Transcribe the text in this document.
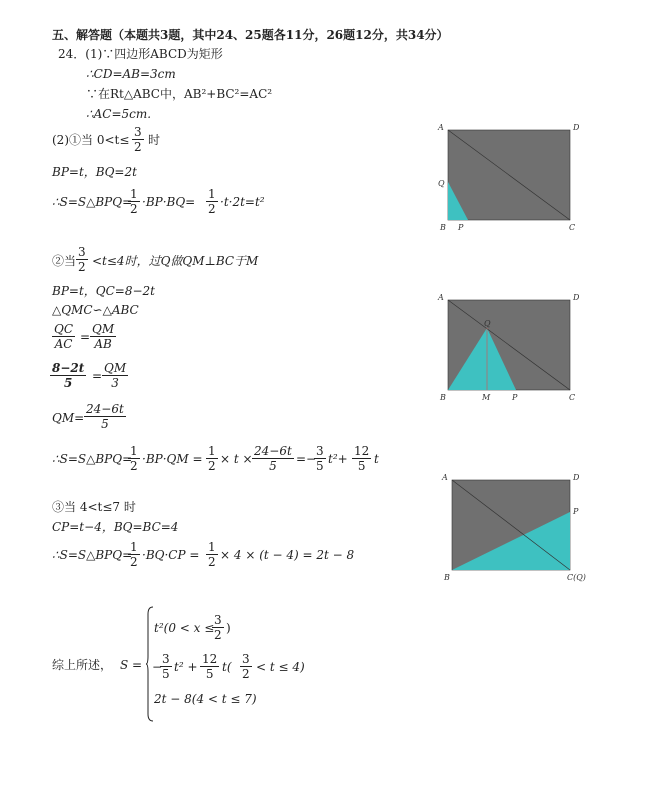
五、解答题（本题共3题，其中24、25题各11分，26题12分，共34分）
24．(1)∵四边形ABCD为矩形
∴CD=AB=3cm
∵在Rt△ABC中，AB²+BC²=AC²
∴AC=5cm.
(2)①当 $0<t\le \frac{3}{2}$ 时
BP=t，BQ=2t
∴S=S△BPQ=
$\frac{1}{2} \cdot BP\cdot BQ= \frac{1}{2} \cdot t\cdot 2t=t^2$
A	D
Q
B P	C
②当 $\frac{3}{2} <t\le 4$时，过Q做QM⊥BC于M
BP=t，QC=8−2t
△QMC∽△ABC
$\frac{QC}{AC} = \frac{QM}{AB}$
$\frac{8-2t}{5} = \frac{QM}{3}$
$QM= \frac{24-6t}{5}$
∴S=S△BPQ=
$\frac{1}{2} \cdot BP\cdot QM = \frac{1}{2} \times t \times \frac{24-6t}{5}$ =−
$\frac{3}{5} t^2+ \frac{12}{5}$ t
A	D
Q
B	M	P	C
③当 4<t≤7 时
CP=t−4，BQ=BC=4
∴S=S△BPQ=
$\frac{1}{2} \cdot BQ\cdot CP = \frac{1}{2} \times 4 \times (t - 4) = 2t - 8$
A	D
P
B	C(Q)
综上所述， S =
t²(0 < x ≤
$\frac{3}{2}$ )
−
$\frac{3}{5} t^2 + \frac{12}{5} t( \frac{3}{2} < t \le 4)$
2t − 8(4 < t ≤ 7)
